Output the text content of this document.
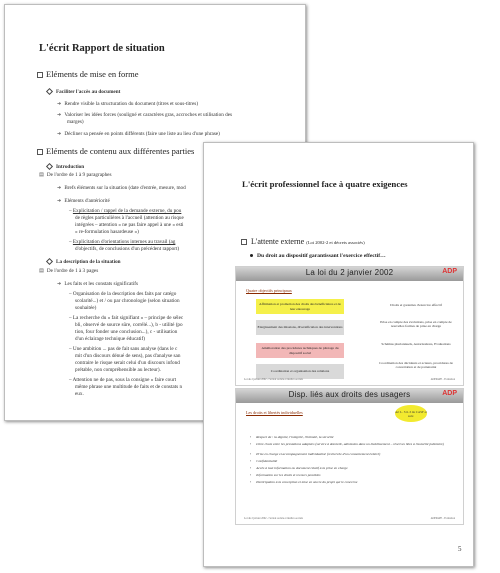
L'écrit Rapport de situation
Eléments de mise en forme
Faciliter l'accès au document
➜ Rendre visible la structuration du document (titres et sous-titres)
➜ Valoriser les idées forces (souligné et caractères gras, accroches et utilisation des
marges)
➜ Décliner sa pensée en points différents (faire une liste au lieu d'une phrase)
Eléments de contenu aux différentes parties
Introduction
▤ De l'ordre de 1 à 9 paragraphes
➜ Brefs éléments sur la situation (date d'entrée, mesure, mod
➜ Eléments d'antériorité
– Explicitation / rappel de la demande externe, du pou
de règles particulières à l'accueil (attention au risque
intégrées – attention » ne pas faire appel à une « esti
« re-formulation hasardeuse »)
– Explicitation d'orientations internes au travail (ag
d'objectifs, de conclusions d'un précédent rapport)
La description de la situation
▤ De l'ordre de 1 à 3 pages
➜ Les faits et les constats significatifs
– Organisation de la description des faits par catégo
scolarité...) et / ou par chronologie (selon situation
souhaitée)
– La recherche du « fait signifiant » – principe de sélec
bli, observé de source sûre, corrélé...), b - utilité (po
tion, four fonder une conclusion...), c - utilisation
d'un éclairage technique éducatif)
– Une ambition ... pas de fait sans analyse (dans le c
mit d'un discours dénué de sens), pas d'analyse san
contraire le risque serait celui d'un discours infond
prétable, non compréhensible au lecteur).
– Attention ne de pas, sous la consigne « faire court
même phrase une multitude de faits et de constats n
eux.
L'écrit professionnel face à quatre exigences
L'attente externe (Loi 2002-2 et décrets associés)
Du droit au dispositif garantissant l'exercice effectif…
La loi du 2 janvier 2002	ADP
Quatre objectifs principaux
Affirmation et promotion des droits des bénéficiaires et de leur entourage
Elargissement des missions, diversification des interventions
Amélioration des procédures techniques de pilotage du dispositif social
Coordination et organisation des relations
Droits et garanties d'exercice effectif
Prise en compte des évolutions, prise en compte de nouvelles formes de prise en charge
Schémas pluriannuels, Autorisations, Evaluations
Coordination des décideurs et acteurs, procédures de concertation et de partenariat
Loi du 2 janvier 2002 - l'action sociale et médico-sociale	ADEPAPE - Formation
Disp. liés aux droits des usagers	ADP
Les droits et libertés individuelles	Art L. 311-3 du CASF et suiv.
• Respect de : la dignité, l'intégrité, l'intimité, la sécurité
• Libre choix entre les prestations adaptées (service à domicile, admission dans un établissement – réserves liées à l'autorité judiciaire)
• Prise en charge et accompagnement individualisé (recherche d'un consentement éclairé)
• Confidentialité
• Accès à tout information ou document relatif à la prise en charge
• Information sur les droits et recours possibles
• Participation à la conception et mise en œuvre du projet qui le concerne
Loi du 2 janvier 2002 - l'action sociale et médico-sociale	ADEPAPE - Formation
5
